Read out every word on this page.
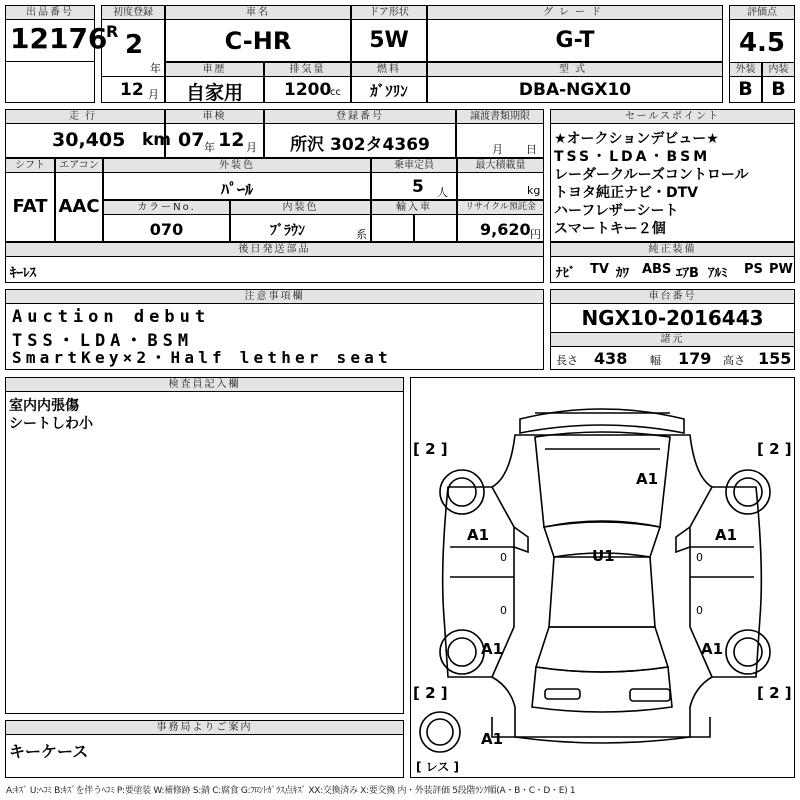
出品番号
12176
初度登録
R 2
年
12 月
車名
C-HR
ドア形状
5W
グレード
G-T
評価点
4.5
外装	内装
B B
車歴
自家用
排気量
1200
cc
燃料
ｶﾞｿﾘﾝ
型式
DBA-NGX10
走行
30,405 km
車検
07 年 12 月
登録番号
所沢 302タ4369
譲渡書類期限
月 日
シフト	エアコン
FAT AAC
外装色
ﾊﾟｰﾙ
乗車定員
5 人
最大積載量
kg
カラーNo.
070
内装色
ﾌﾞﾗｳﾝ	系
輸入車	リサイクル預託金
9,620 円
後日発送部品
ｷｰﾚｽ
セールスポイント
★オークションデビュー★
TSS・LDA・BSM
レーダークルーズコントロール
トヨタ純正ナビ・DTV
ハーフレザーシート
スマートキー２個
純正装備
ﾅﾋﾞ TV ｶﾜ ABS ｴｱB ｱﾙﾐ PS PW
注意事項欄
Auction debut
TSS・LDA・BSM
SmartKey×2・Half lether seat
車台番号
NGX10-2016443
諸元
長さ 438 幅 179 高さ 155
検査員記入欄
室内内張傷
シートしわ小
事務局よりご案内
キーケース
[ 2 ]	[ 2 ]
[ 2 ]	[ 2 ]
A1
A1	A1
U1
A1	A1
A1
0	0
0	0
[ レス ]
A:ｷｽﾞ U:ﾍｺﾐ B:ｷｽﾞを伴うﾍｺﾐ P:要塗装 W:補修跡 S:錆 C:腐食 G:ﾌﾛﾝﾄｶﾞﾗｽ点ｷｽﾞ XX:交換済み X:要交換 内・外装評価 5段階ﾗﾝｸ順(A・B・C・D・E) 1
